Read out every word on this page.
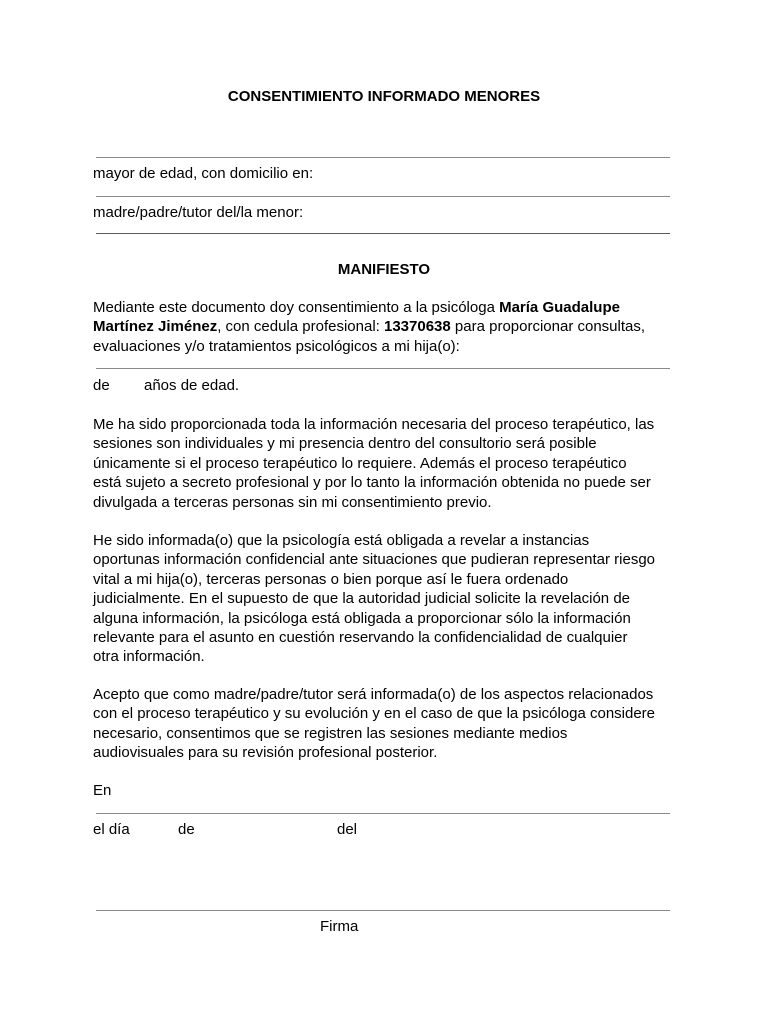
CONSENTIMIENTO INFORMADO MENORES
mayor de edad, con domicilio en:
madre/padre/tutor del/la menor:
MANIFIESTO
Mediante este documento doy consentimiento a la psicóloga María Guadalupe
Martínez Jiménez, con cedula profesional: 13370638 para proporcionar consultas,
evaluaciones y/o tratamientos psicológicos a mi hija(o):
de años de edad.
Me ha sido proporcionada toda la información necesaria del proceso terapéutico, las
sesiones son individuales y mi presencia dentro del consultorio será posible
únicamente si el proceso terapéutico lo requiere. Además el proceso terapéutico
está sujeto a secreto profesional y por lo tanto la información obtenida no puede ser
divulgada a terceras personas sin mi consentimiento previo.
He sido informada(o) que la psicología está obligada a revelar a instancias
oportunas información confidencial ante situaciones que pudieran representar riesgo
vital a mi hija(o), terceras personas o bien porque así le fuera ordenado
judicialmente. En el supuesto de que la autoridad judicial solicite la revelación de
alguna información, la psicóloga está obligada a proporcionar sólo la información
relevante para el asunto en cuestión reservando la confidencialidad de cualquier
otra información.
Acepto que como madre/padre/tutor será informada(o) de los aspectos relacionados
con el proceso terapéutico y su evolución y en el caso de que la psicóloga considere
necesario, consentimos que se registren las sesiones mediante medios
audiovisuales para su revisión profesional posterior.
En
el día	de	del
Firma
